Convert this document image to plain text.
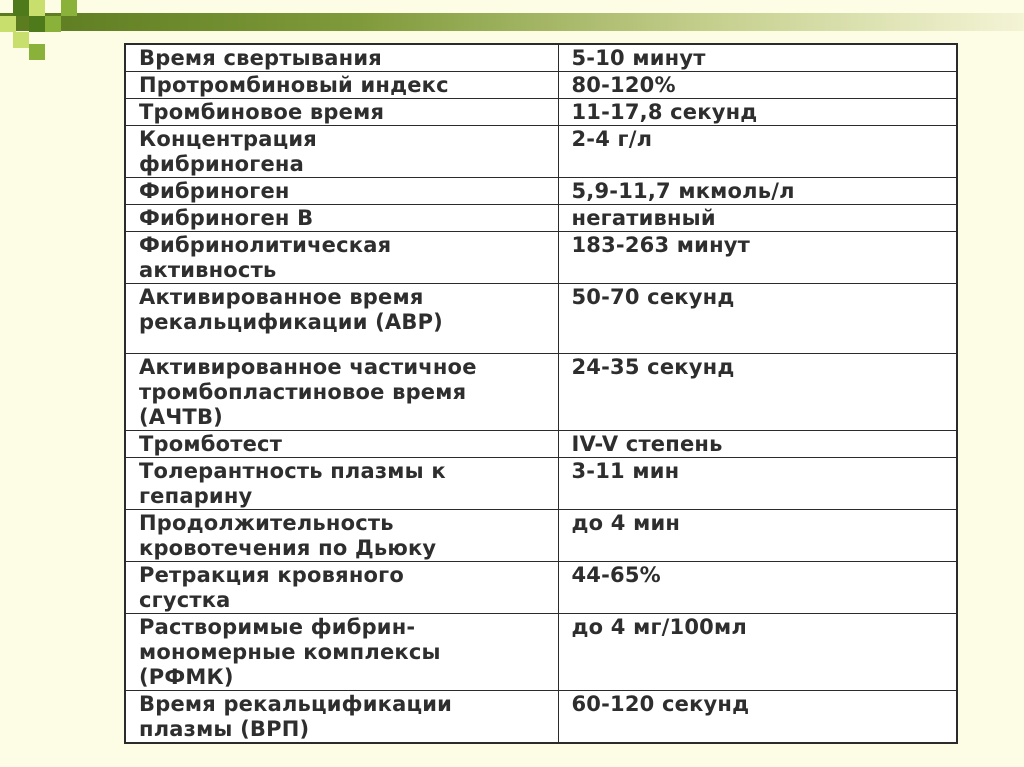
Время свертывания	5-10 минут
Протромбиновый индекс	80-120%
Тромбиновое время	11-17,8 секунд
Концентрация
фибриногена	2-4 г/л
Фибриноген	5,9-11,7 мкмоль/л
Фибриноген В	негативный
Фибринолитическая
активность	183-263 минут
Активированное время
рекальцификации (АВР)	50-70 секунд
Активированное частичное
тромбопластиновое время
(АЧТВ)	24-35 секунд
Тромботест	IV-V степень
Толерантность плазмы к
гепарину	3-11 мин
Продолжительность
кровотечения по Дьюку	до 4 мин
Ретракция кровяного
сгустка	44-65%
Растворимые фибрин-
мономерные комплексы
(РФМК)	до 4 мг/100мл
Время рекальцификации
плазмы (ВРП)	60-120 секунд
